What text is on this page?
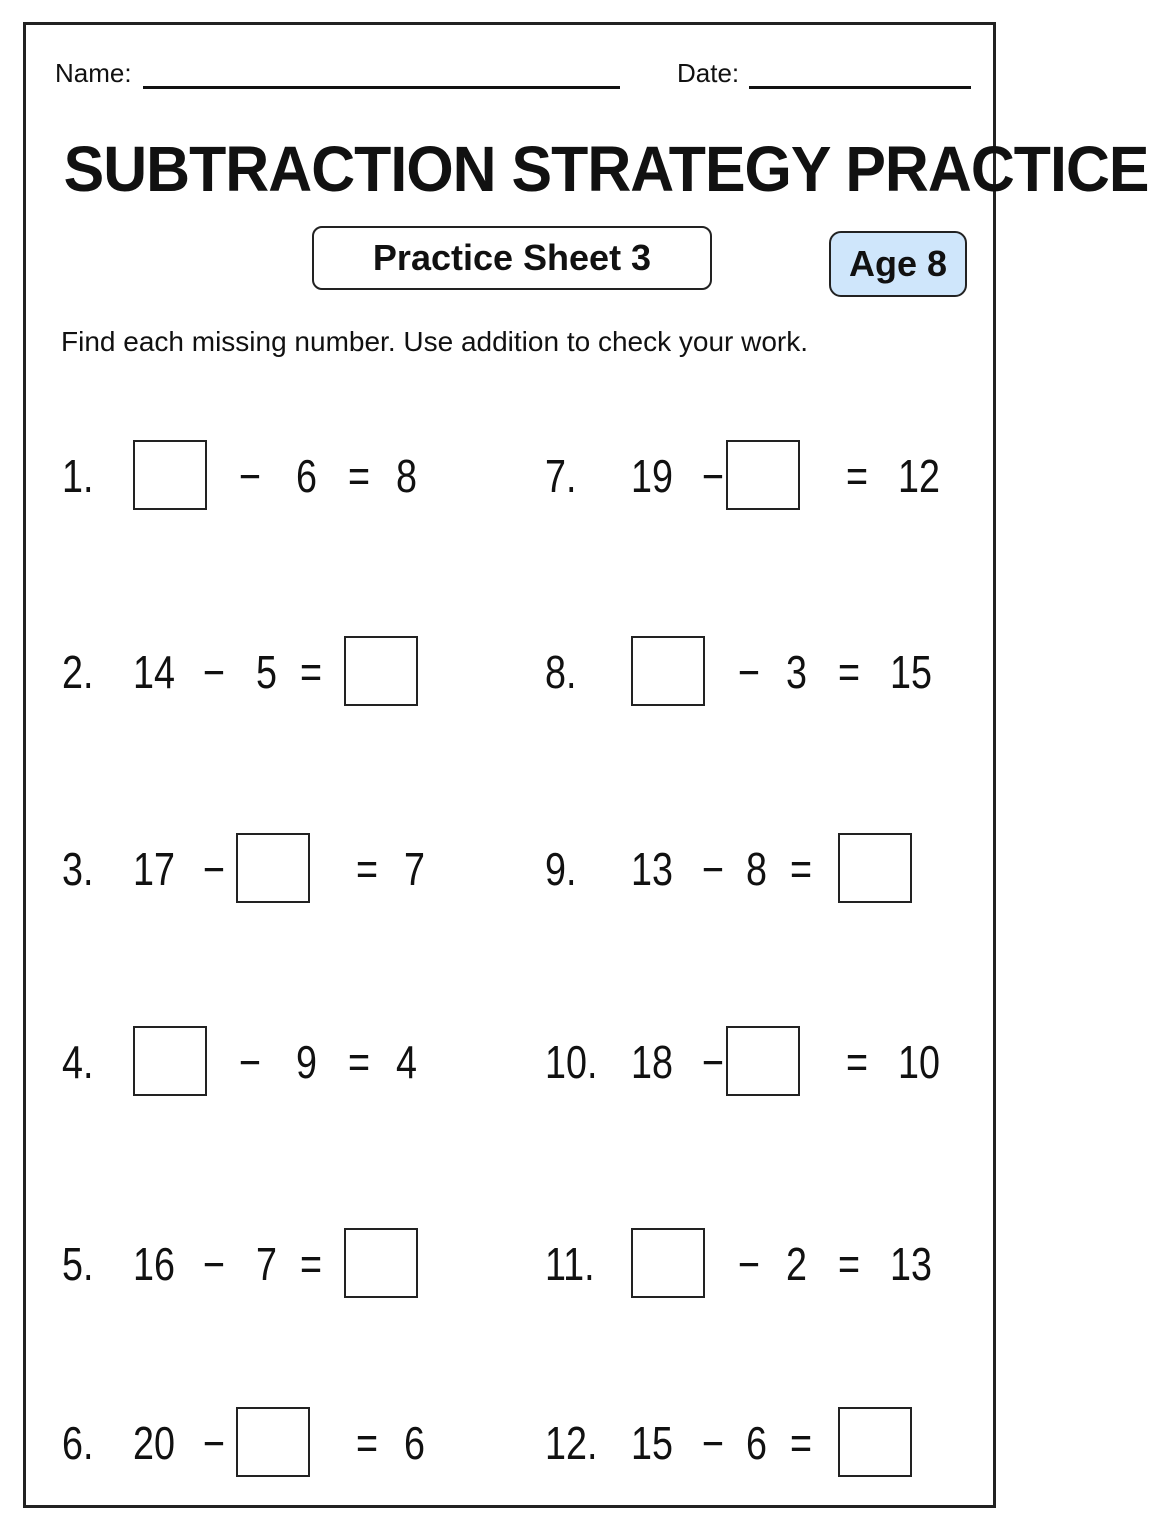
Name:	Date:
SUBTRACTION STRATEGY PRACTICE
Practice Sheet 3	Age 8
Find each missing number. Use addition to check your work.
1.	− 6 = 8
2. 14 − 5 =
3. 17 −	= 7
4.	− 9 = 4
5. 16 − 7 =
6. 20 −	= 6
7. 19 −	= 12
8.	− 3 = 15
9. 13 − 8 =
10. 18 −	= 10
11.	− 2 = 13
12. 15 − 6 =
